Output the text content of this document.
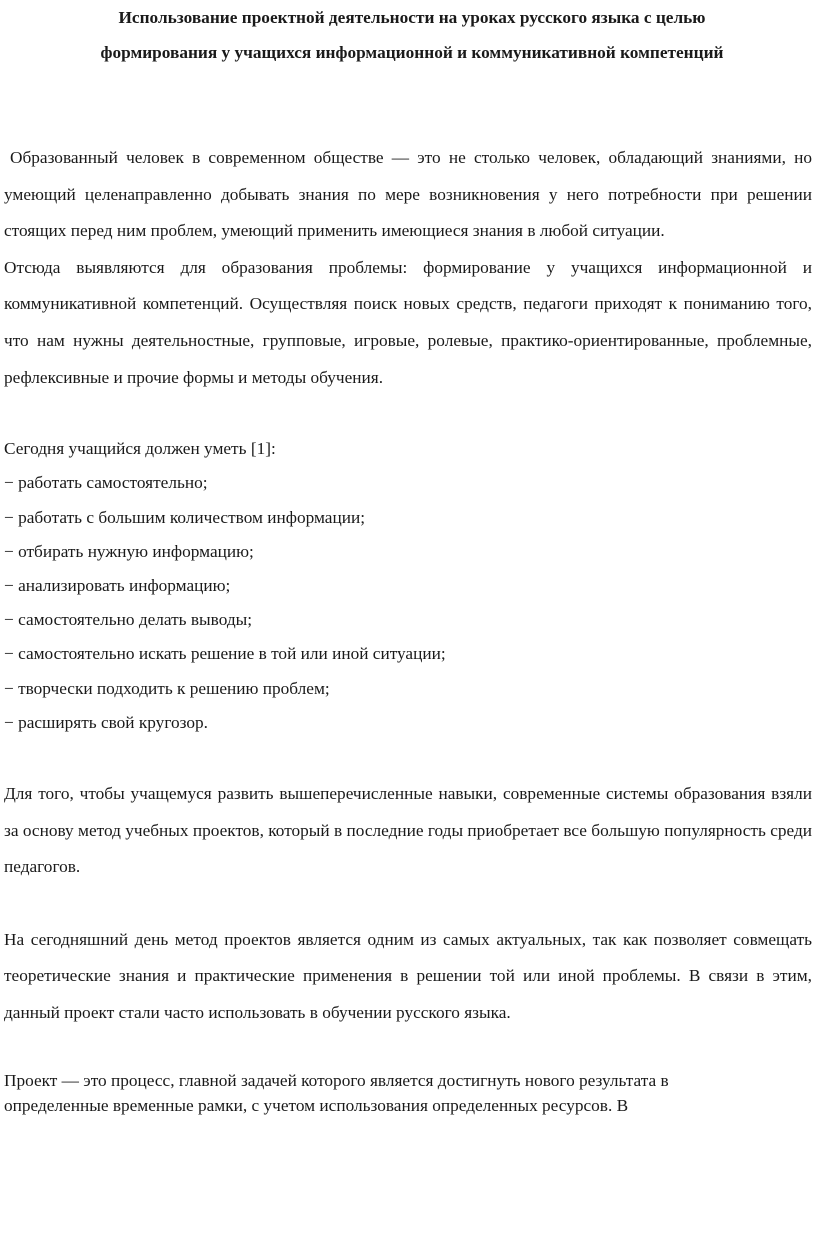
Использование проектной деятельности на уроках русского языка с целью
формирования у учащихся информационной и коммуникативной компетенций

Образованный человек в современном обществе — это не столько человек, обладающий знаниями, но умеющий целенаправленно добывать знания по мере возникновения у него потребности при решении стоящих перед ним проблем, умеющий применить имеющиеся знания в любой ситуации.

Отсюда выявляются для образования проблемы: формирование у учащихся информационной и коммуникативной компетенций. Осуществляя поиск новых средств, педагоги приходят к пониманию того, что нам нужны деятельностные, групповые, игровые, ролевые, практико-ориентированные, проблемные, рефлексивные и прочие формы и методы обучения.

Сегодня учащийся должен уметь [1]:

− работать самостоятельно;
− работать с большим количеством информации;
− отбирать нужную информацию;
− анализировать информацию;
− самостоятельно делать выводы;
− самостоятельно искать решение в той или иной ситуации;
− творчески подходить к решению проблем;
− расширять свой кругозор.

Для того, чтобы учащемуся развить вышеперечисленные навыки, современные системы образования взяли за основу метод учебных проектов, который в последние годы приобретает все большую популярность среди педагогов.

На сегодняшний день метод проектов является одним из самых актуальных, так как позволяет совмещать теоретические знания и практические применения в решении той или иной проблемы. В связи в этим, данный проект стали часто использовать в обучении русского языка.

Проект — это процесс, главной задачей которого является достигнуть нового результата в
определенные временные рамки, с учетом использования определенных ресурсов. В
